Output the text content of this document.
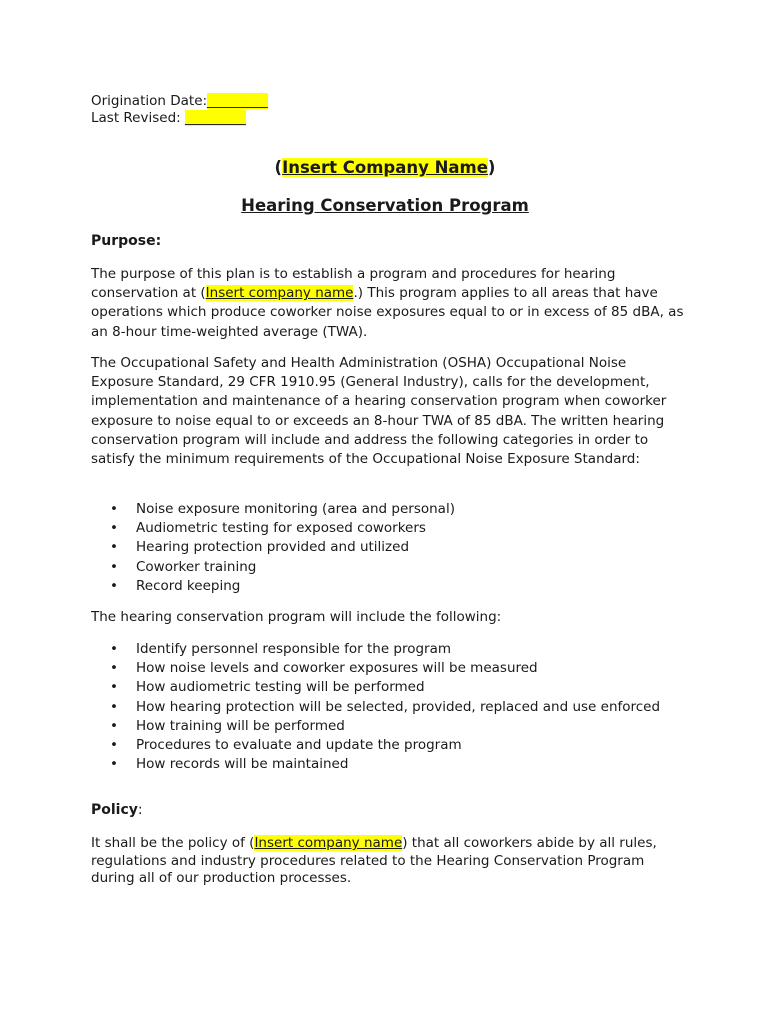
Origination Date:_________
Last Revised: _________
(Insert Company Name)
Hearing Conservation Program
Purpose:

The purpose of this plan is to establish a program and procedures for hearing conservation at (Insert company name.) This program applies to all areas that have operations which produce coworker noise exposures equal to or in excess of 85 dBA, as an 8-hour time-weighted average (TWA).

The Occupational Safety and Health Administration (OSHA) Occupational Noise Exposure Standard, 29 CFR 1910.95 (General Industry), calls for the development, implementation and maintenance of a hearing conservation program when coworker exposure to noise equal to or exceeds an 8-hour TWA of 85 dBA. The written hearing conservation program will include and address the following categories in order to satisfy the minimum requirements of the Occupational Noise Exposure Standard:

• Noise exposure monitoring (area and personal)
• Audiometric testing for exposed coworkers
• Hearing protection provided and utilized
• Coworker training
• Record keeping

The hearing conservation program will include the following:

• Identify personnel responsible for the program
• How noise levels and coworker exposures will be measured
• How audiometric testing will be performed
• How hearing protection will be selected, provided, replaced and use enforced
• How training will be performed
• Procedures to evaluate and update the program
• How records will be maintained
Policy:

It shall be the policy of (Insert company name) that all coworkers abide by all rules, regulations and industry procedures related to the Hearing Conservation Program during all of our production processes.
